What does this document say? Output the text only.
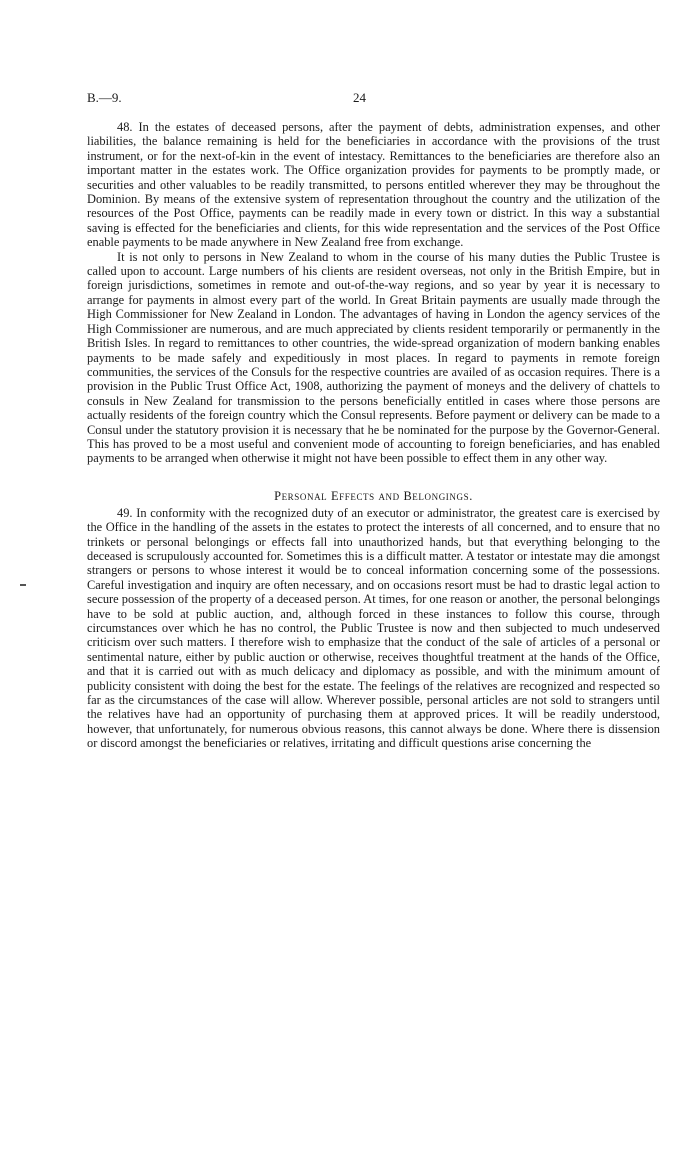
B.—9.	24

48. In the estates of deceased persons, after the payment of debts, administration expenses, and other liabilities, the balance remaining is held for the beneficiaries in accordance with the provisions of the trust instrument, or for the next-of-kin in the event of intestacy. Remittances to the beneficiaries are therefore also an important matter in the estates work. The Office organization provides for payments to be promptly made, or securities and other valuables to be readily transmitted, to persons entitled wherever they may be throughout the Dominion. By means of the extensive system of representation throughout the country and the utilization of the resources of the Post Office, payments can be readily made in every town or district. In this way a substantial saving is effected for the beneficiaries and clients, for this wide representation and the services of the Post Office enable payments to be made anywhere in New Zealand free from exchange.

It is not only to persons in New Zealand to whom in the course of his many duties the Public Trustee is called upon to account. Large numbers of his clients are resident overseas, not only in the British Empire, but in foreign jurisdictions, sometimes in remote and out-of-the-way regions, and so year by year it is necessary to arrange for payments in almost every part of the world. In Great Britain payments are usually made through the High Commissioner for New Zealand in London. The advantages of having in London the agency services of the High Commissioner are numerous, and are much appreciated by clients resident temporarily or permanently in the British Isles. In regard to remittances to other countries, the wide-spread organization of modern banking enables payments to be made safely and expeditiously in most places. In regard to payments in remote foreign communities, the services of the Consuls for the respective countries are availed of as occasion requires. There is a provision in the Public Trust Office Act, 1908, authorizing the payment of moneys and the delivery of chattels to consuls in New Zealand for transmission to the persons beneficially entitled in cases where those persons are actually residents of the foreign country which the Consul represents. Before payment or delivery can be made to a Consul under the statutory provision it is necessary that he be nominated for the purpose by the Governor-General. This has proved to be a most useful and convenient mode of accounting to foreign beneficiaries, and has enabled payments to be arranged when otherwise it might not have been possible to effect them in any other way.

Personal Effects and Belongings.

49. In conformity with the recognized duty of an executor or administrator, the greatest care is exercised by the Office in the handling of the assets in the estates to protect the interests of all concerned, and to ensure that no trinkets or personal belongings or effects fall into unauthorized hands, but that everything belonging to the deceased is scrupulously accounted for. Sometimes this is a difficult matter. A testator or intestate may die amongst strangers or persons to whose interest it would be to conceal information concerning some of the possessions. Careful investigation and inquiry are often necessary, and on occasions resort must be had to drastic legal action to secure possession of the property of a deceased person. At times, for one reason or another, the personal belongings have to be sold at public auction, and, although forced in these instances to follow this course, through circumstances over which he has no control, the Public Trustee is now and then subjected to much undeserved criticism over such matters. I therefore wish to emphasize that the conduct of the sale of articles of a personal or sentimental nature, either by public auction or otherwise, receives thoughtful treatment at the hands of the Office, and that it is carried out with as much delicacy and diplomacy as possible, and with the minimum amount of publicity consistent with doing the best for the estate. The feelings of the relatives are recognized and respected so far as the circumstances of the case will allow. Wherever possible, personal articles are not sold to strangers until the relatives have had an opportunity of purchasing them at approved prices. It will be readily understood, however, that unfortunately, for numerous obvious reasons, this cannot always be done. Where there is dissension or discord amongst the beneficiaries or relatives, irritating and difficult questions arise concerning the
